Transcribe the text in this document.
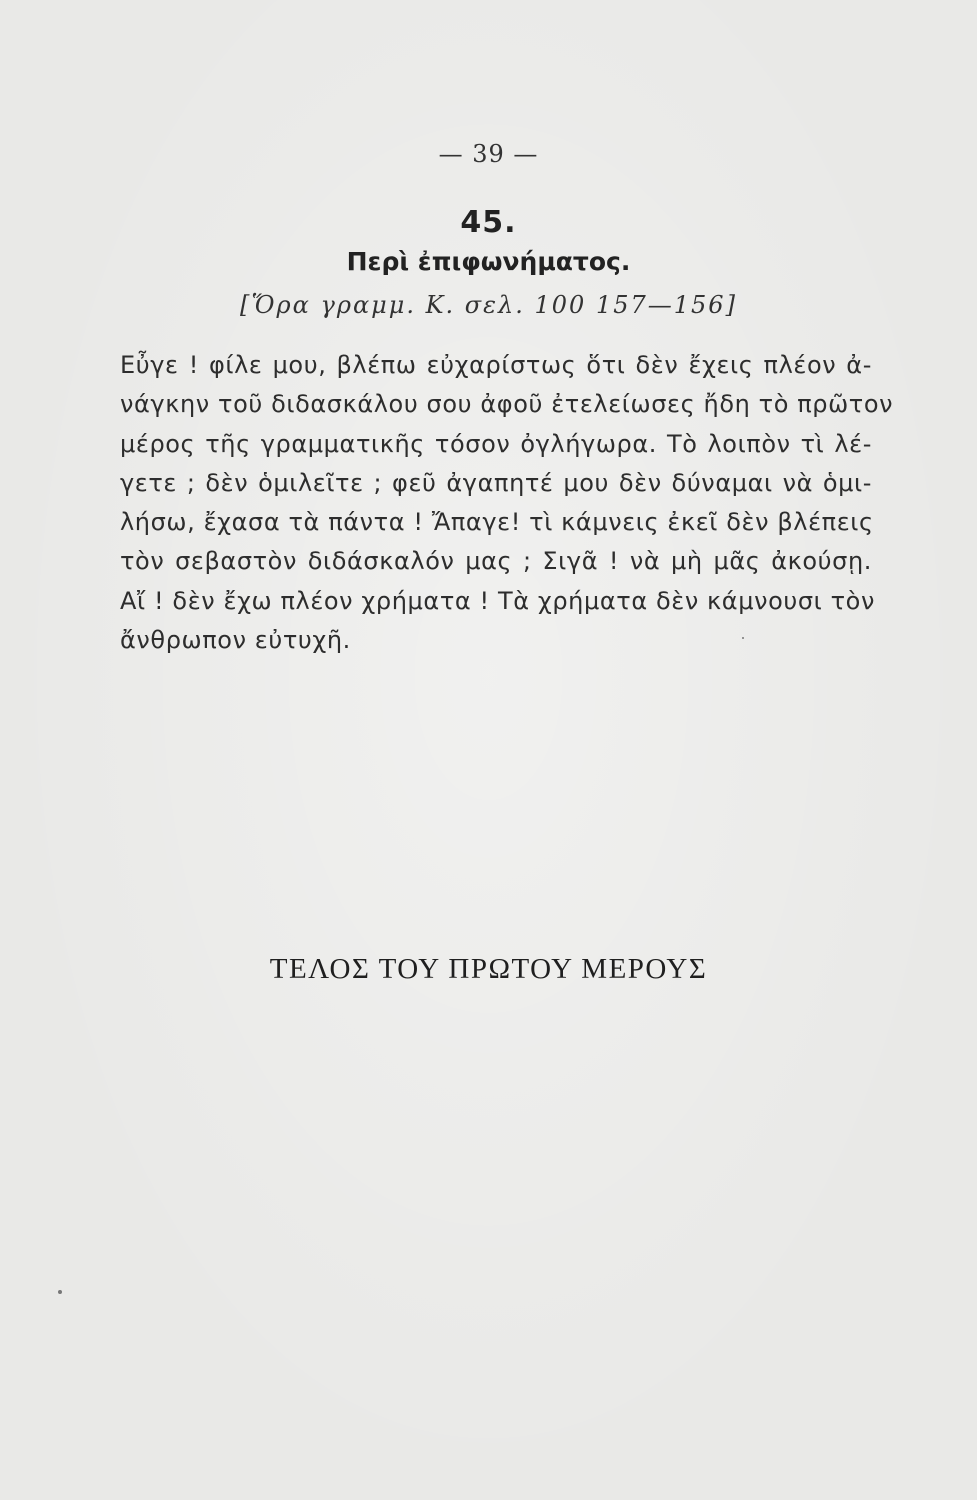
— 39 —
45.
Περὶ ἐπιφωνήματος.
[Ὅρα γραμμ. Κ. σελ. 100 157—156]
Εὖγε ! φίλε μου, βλέπω εὐχαρίστως ὅτι δὲν ἔχεις πλέον ἀ-
νάγκην τοῦ διδασκάλου σου ἀφοῦ ἐτελείωσες ἤδη τὸ πρῶτον
μέρος τῆς γραμματικῆς τόσον ὀγλήγωρα. Τὸ λοιπὸν τὶ λέ-
γετε ; δὲν ὁμιλεῖτε ; φεῦ ἀγαπητέ μου δὲν δύναμαι νὰ ὁμι-
λήσω, ἔχασα τὰ πάντα ! Ἄπαγε! τὶ κάμνεις ἐκεῖ δὲν βλέπεις
τὸν σεβαστὸν διδάσκαλόν μας ; Σιγᾶ ! νὰ μὴ μᾶς ἀκούσῃ.
Αἴ ! δὲν ἔχω πλέον χρήματα ! Τὰ χρήματα δὲν κάμνουσι τὸν
ἄνθρωπον εὐτυχῆ.
ΤΕΛΟΣ ΤΟΥ ΠΡΩΤΟΥ ΜΕΡΟΥΣ
